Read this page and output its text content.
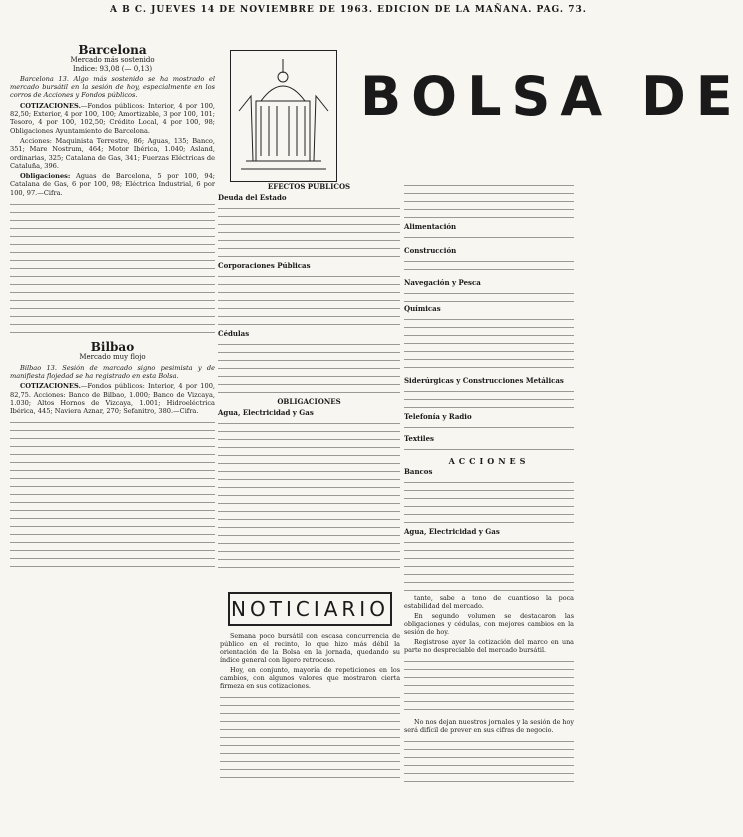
A B C. JUEVES 14 DE NOVIEMBRE DE 1963. EDICION DE LA MAÑANA. PAG. 73.
Barcelona
Mercado más sostenido
Indice: 93,08 (— 0,13)

Barcelona 13. Algo más sostenido se ha mostrado el mercado bursátil en la sesión de hoy, especialmente en los corros de Acciones y Fondos públicos.

COTIZACIONES.—Fondos públicos: Interior, 4 por 100, 82,50; Exterior, 4 por 100, 100; Amortizable, 3 por 100, 101; Tesoro, 4 por 100, 102,50; Crédito Local, 4 por 100, 98; Obligaciones Ayuntamiento de Barcelona.

Acciones: Maquinista Terrestre, 86; Aguas, 135; Banco, 351; Mare Nostrum, 464; Motor Ibérica, 1.040; Asland, ordinarias, 325; Catalana de Gas, 341; Fuerzas Eléctricas de Cataluña, 396.

Obligaciones: Aguas de Barcelona, 5 por 100, 94; Catalana de Gas, 6 por 100, 98; Eléctrica Industrial, 6 por 100, 97.—Cifra.

Bilbao
Mercado muy flojo

Bilbao 13. Sesión de marcado signo pesimista y de manifiesta flojedad se ha registrado en esta Bolsa.

COTIZACIONES.—Fondos públicos: Interior, 4 por 100, 82,75. Acciones: Banco de Bilbao, 1.000; Banco de Vizcaya, 1.030; Altos Hornos de Vizcaya, 1.001; Hidroeléctrica Ibérica, 445; Naviera Aznar, 270; Sefanitro, 380.—Cifra.

BOLSA DE
EFECTOS PUBLICOS
Deuda del Estado
Corporaciones Públicas
Cédulas
OBLIGACIONES
Agua, Electricidad y Gas
Alimentación
Construcción
Navegación y Pesca
Químicas
Siderúrgicas y Construcciones Metálicas
Telefonía y Radio
Textiles
ACCIONES
Bancos
Agua, Electricidad y Gas
NOTICIARIO

Semana poco bursátil con escasa concurrencia de público en el recinto, lo que hizo más débil la orientación de la Bolsa en la jornada, quedando su índice general con ligero retroceso.

Hoy, en conjunto, mayoría de repeticiones en los cambios, con algunos valores que mostraron cierta firmeza en sus cotizaciones.

tante, sabe a tono de cuantioso la poca estabilidad del mercado.

En segundo volumen se destacaron las obligaciones y cédulas, con mejores cambios en la sesión de hoy.

Registrose ayer la cotización del marco en una parte no despreciable del mercado bursátil.

No nos dejan nuestros jornales y la sesión de hoy será difícil de prever en sus cifras de negocio.
